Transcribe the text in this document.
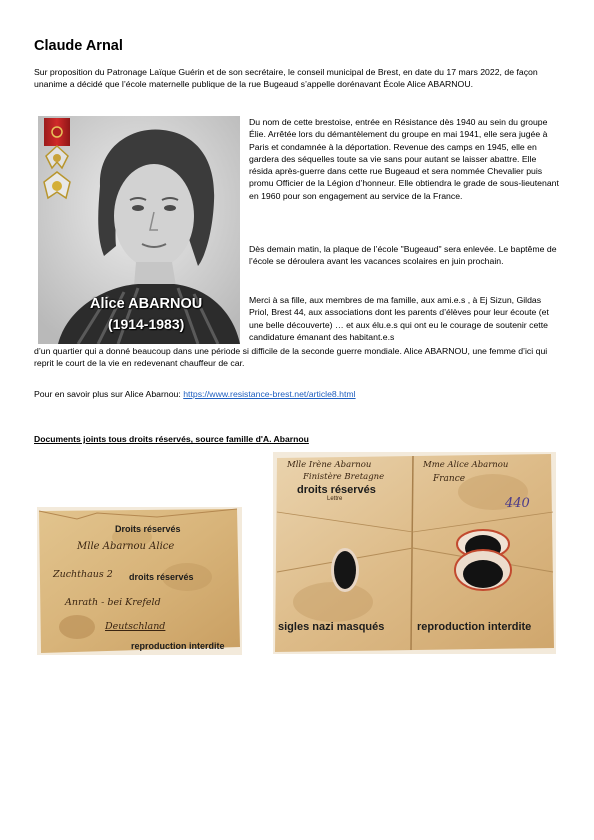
Claude Arnal
Sur proposition du Patronage Laïque Guérin et de son secrétaire, le conseil municipal de Brest, en date du 17 mars 2022, de façon unanime a décidé que l’école maternelle publique de la rue Bugeaud s’appelle dorénavant École Alice ABARNOU.
Alice ABARNOU
(1914-1983)
Du nom de cette brestoise, entrée en Résistance dès 1940 au sein du groupe Élie. Arrêtée lors du démantèlement du groupe en mai 1941, elle sera jugée à Paris et condamnée à la déportation. Revenue des camps en 1945, elle en gardera des séquelles toute sa vie sans pour autant se laisser abattre. Elle résida après-guerre dans cette rue Bugeaud et sera nommée Chevalier puis promu Officier de la Légion d’honneur. Elle obtiendra le grade de sous-lieutenant en 1960 pour son engagement au service de la France.
Dès demain matin, la plaque de l’école "Bugeaud" sera enlevée. Le baptême de l’école se déroulera avant les vacances scolaires en juin prochain.
Merci à sa fille, aux membres de ma famille, aux ami.e.s , à Ej Sizun, Gildas Priol, Brest 44, aux associations dont les parents d’élèves pour leur écoute (et une belle découverte) … et aux élu.e.s qui ont eu le courage de soutenir cette candidature émanant des habitant.e.s
d’un quartier qui a donné beaucoup dans une période si difficile de la seconde guerre mondiale. Alice ABARNOU, une femme d’ici qui reprit le court de la vie en redevenant chauffeur de car.
Pour en savoir plus sur Alice Abarnou: https://www.resistance-brest.net/article8.html
Documents joints tous droits réservés, source famille d'A. Abarnou
Mlle Abarnou Alice
Zuchthaus 2
Anrath - bei Krefeld
Deutschland
Droits réservés
droits réservés
reproduction interdite
Mlle Irène Abarnou
Finistère Bretagne
Mme Alice Abarnou
France
440
Lettre
droits réservés
sigles nazi masqués	reproduction interdite
